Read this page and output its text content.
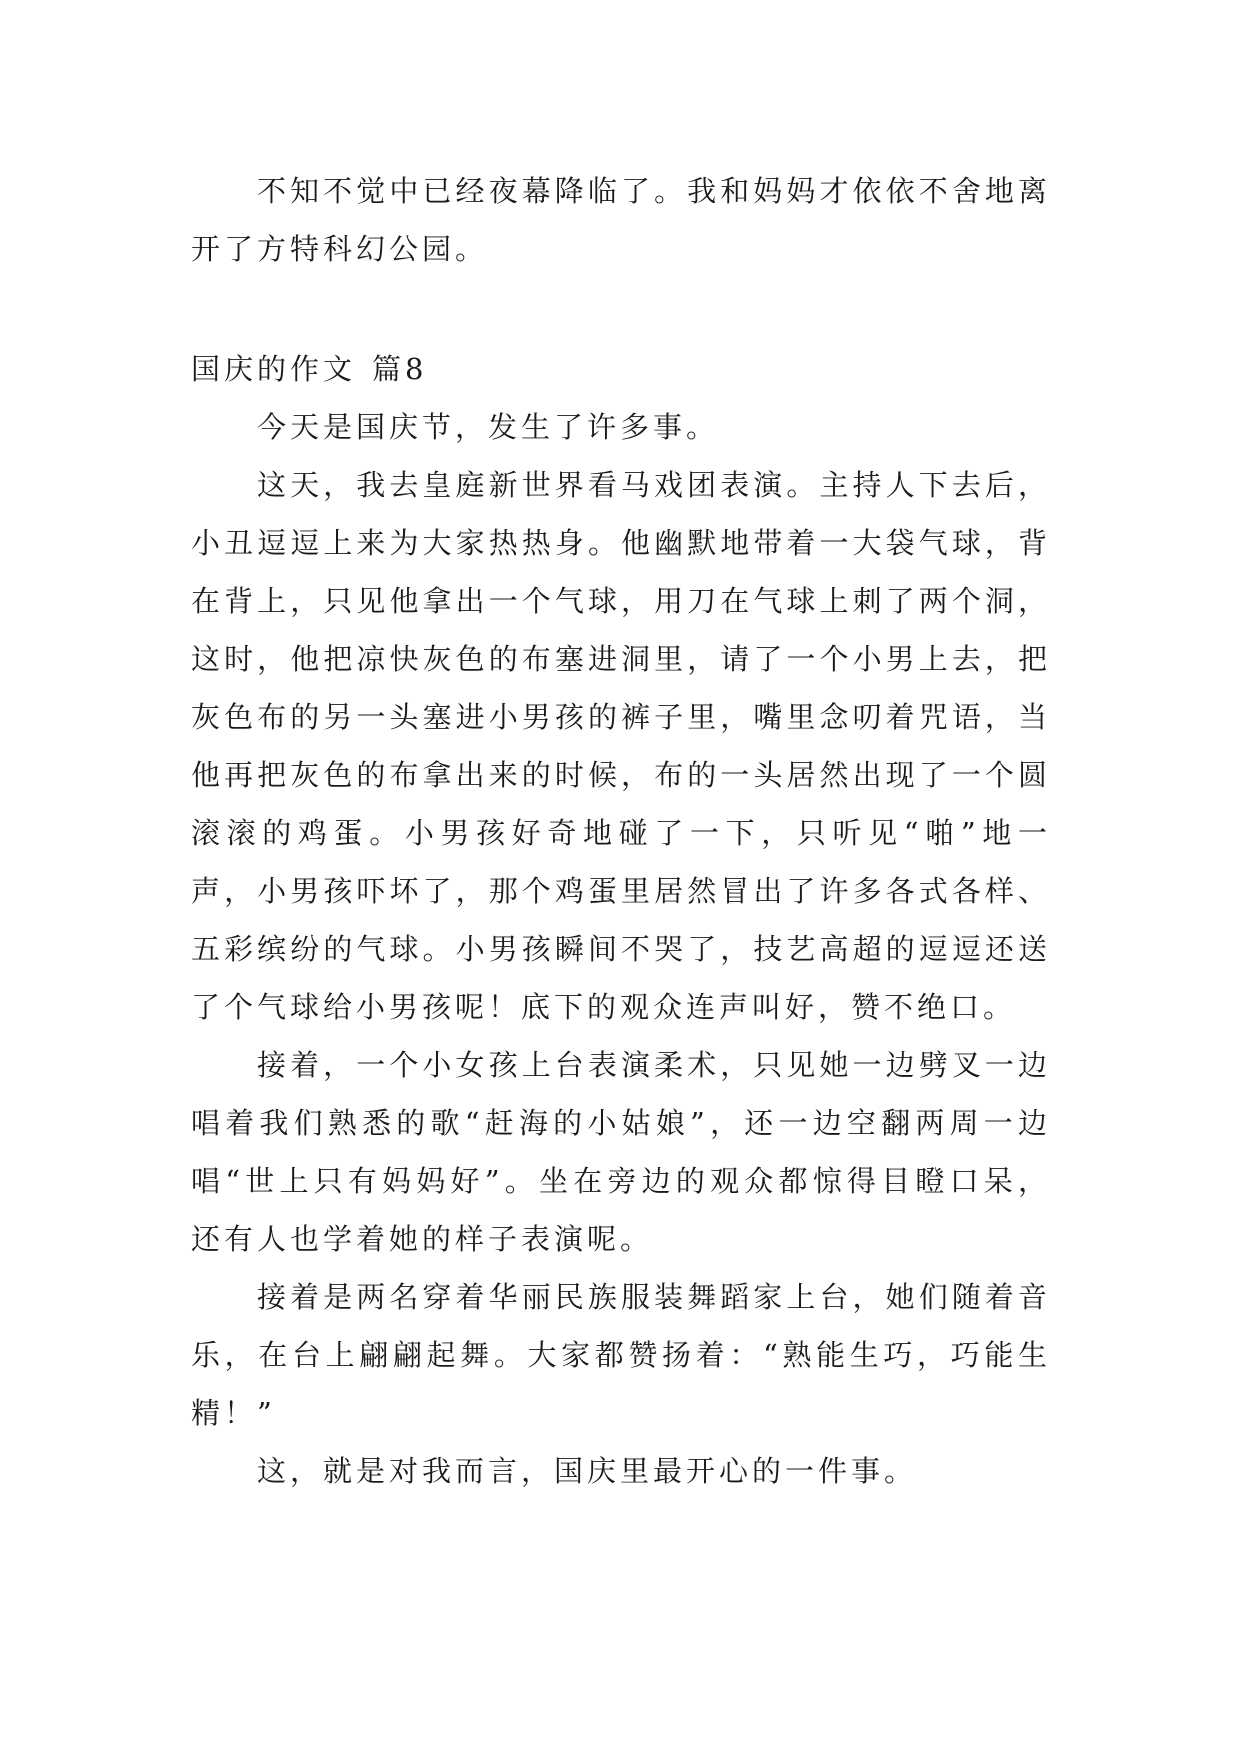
不知不觉中已经夜幕降临了。我和妈妈才依依不舍地离开了方特科幻公园。

国庆的作文 篇8

今天是国庆节，发生了许多事。

这天，我去皇庭新世界看马戏团表演。主持人下去后，小丑逗逗上来为大家热热身。他幽默地带着一大袋气球，背在背上，只见他拿出一个气球，用刀在气球上刺了两个洞，这时，他把凉快灰色的布塞进洞里，请了一个小男上去，把灰色布的另一头塞进小男孩的裤子里，嘴里念叨着咒语，当他再把灰色的布拿出来的时候，布的一头居然出现了一个圆滚滚的鸡蛋。小男孩好奇地碰了一下，只听见“啪”地一声，小男孩吓坏了，那个鸡蛋里居然冒出了许多各式各样、五彩缤纷的气球。小男孩瞬间不哭了，技艺高超的逗逗还送了个气球给小男孩呢！底下的观众连声叫好，赞不绝口。

接着，一个小女孩上台表演柔术，只见她一边劈叉一边唱着我们熟悉的歌“赶海的小姑娘”，还一边空翻两周一边唱“世上只有妈妈好”。坐在旁边的观众都惊得目瞪口呆，还有人也学着她的样子表演呢。

接着是两名穿着华丽民族服装舞蹈家上台，她们随着音乐，在台上翩翩起舞。大家都赞扬着：“熟能生巧，巧能生精！”

这，就是对我而言，国庆里最开心的一件事。
